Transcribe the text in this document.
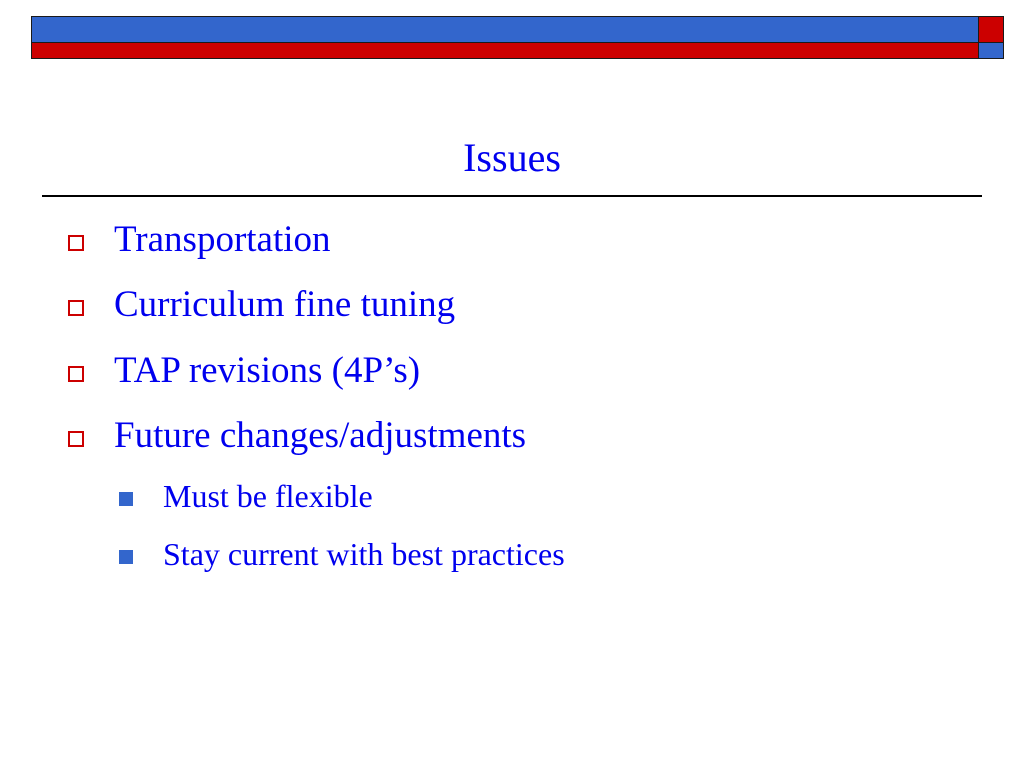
Issues
Transportation
Curriculum fine tuning
TAP revisions (4P’s)
Future changes/adjustments
Must be flexible
Stay current with best practices
